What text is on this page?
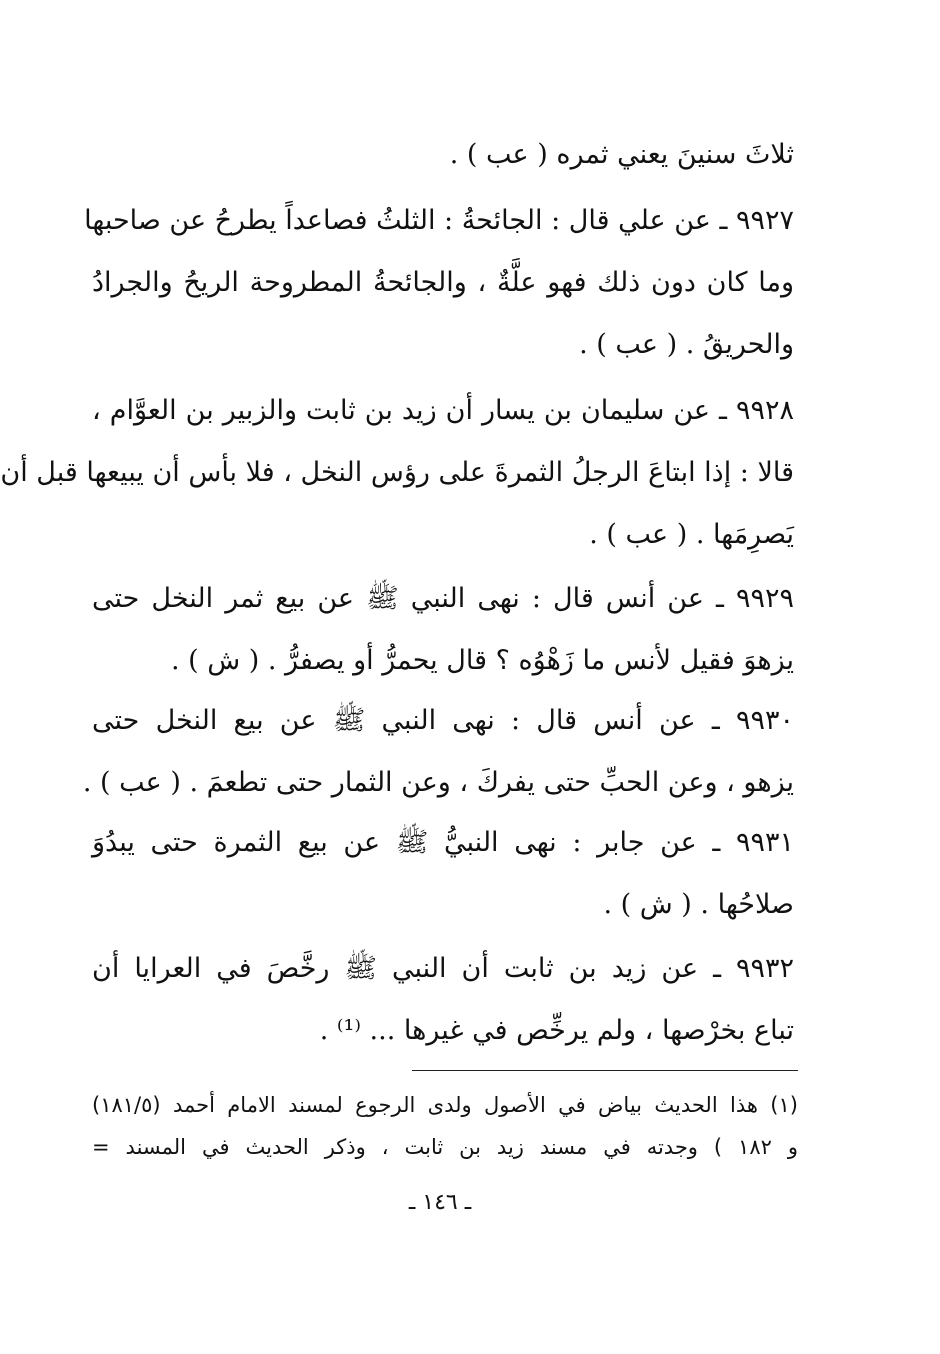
ثلاثَ سنينَ يعني ثمره ( عب ) .
٩٩٢٧ ـ عن علي قال : الجائحةُ : الثلثُ فصاعداً يطرحُ عن صاحبها
وما كان دون ذلك فهو علَّةٌ ، والجائحةُ المطروحة الريحُ والجرادُ
والحريقُ . ( عب ) .
٩٩٢٨ ـ عن سليمان بن يسار أن زيد بن ثابت والزبير بن العوَّام ،
قالا : إذا ابتاعَ الرجلُ الثمرةَ على رؤس النخل ، فلا بأس أن يبيعها قبل أن
يَصرِمَها . ( عب ) .
٩٩٢٩ ـ عن أنس قال : نهى النبي ﷺ عن بيع ثمر النخل حتى
يزهوَ فقيل لأنس ما زَهْوُه ؟ قال يحمرُّ أو يصفرُّ . ( ش ) .
٩٩٣٠ ـ عن أنس قال : نهى النبي ﷺ عن بيع النخل حتى
يزهو ، وعن الحبِّ حتى يفركَ ، وعن الثمار حتى تطعمَ . ( عب ) .
٩٩٣١ ـ عن جابر : نهى النبيُّ ﷺ عن بيع الثمرة حتى يبدُوَ
صلاحُها . ( ش ) .
٩٩٣٢ ـ عن زيد بن ثابت أن النبي ﷺ رخَّصَ في العرايا أن
تباع بخرْصها ، ولم يرخِّص في غيرها ... ⁽¹⁾ .
(١) هذا الحديث بياض في الأصول ولدى الرجوع لمسند الامام أحمد (١٨١/٥)
و ١٨٢ ) وجدته في مسند زيد بن ثابت ، وذكر الحديث في المسند =
ـ ١٤٦ ـ
